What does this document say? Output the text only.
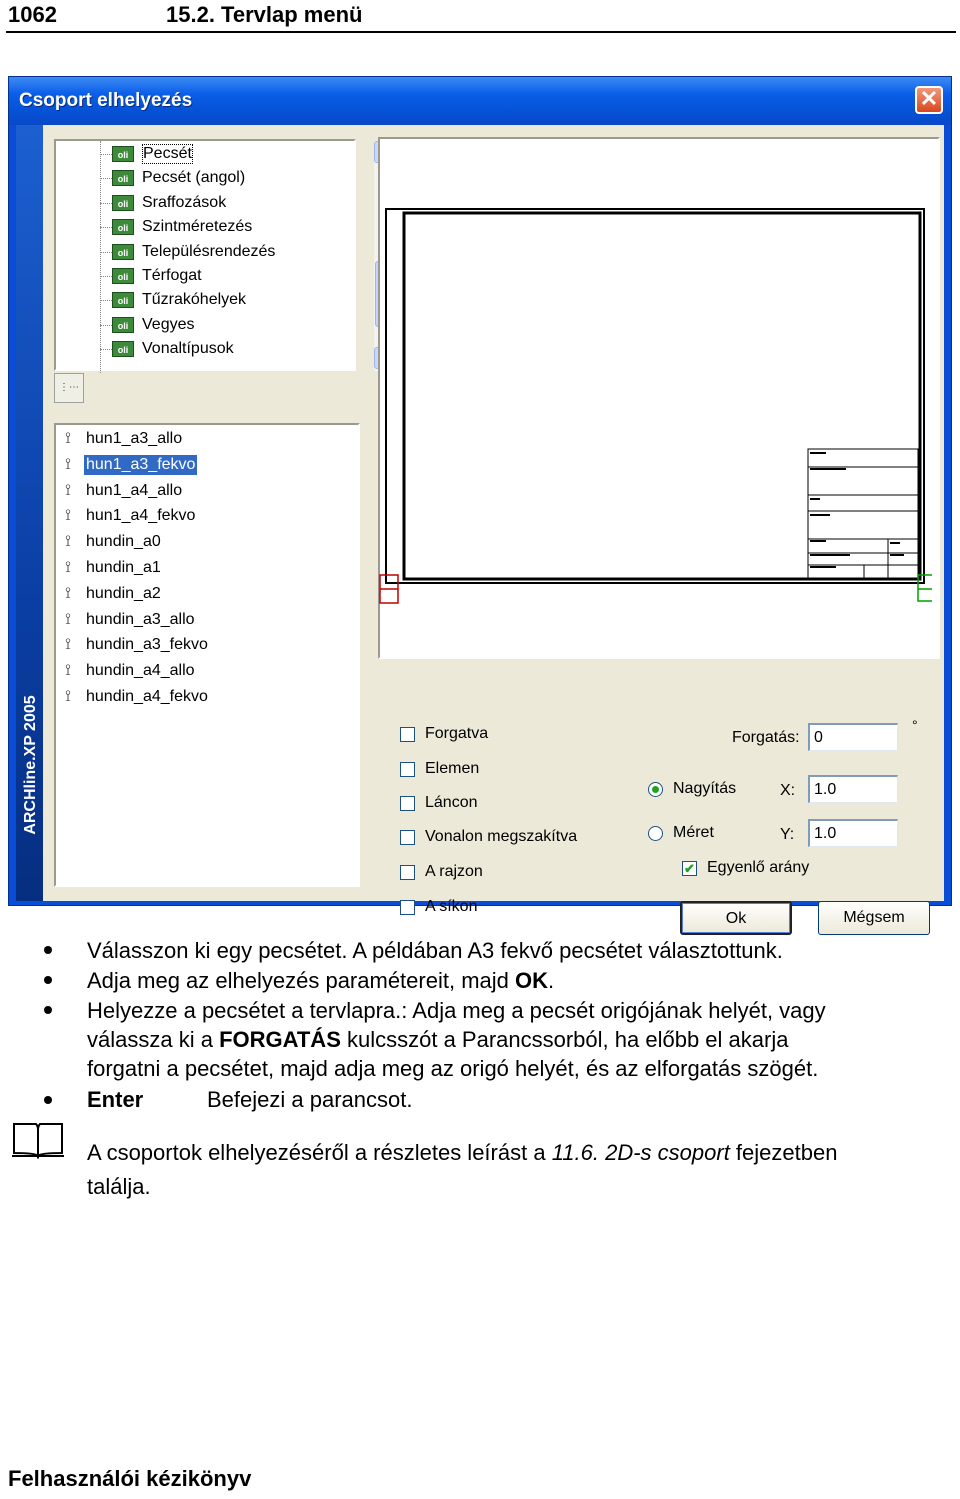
1062	15.2. Tervlap menü
Csoport elhelyezés	✕
ARCHline.XP 2005
oli Pecsét
oli Pecsét (angol)
oli Sraffozások
oli Szintméretezés
oli Településrendezés
oli Térfogat
oli Tűzrakóhelyek
oli Vegyes
oli Vonaltípusok
⋮⋯
⟟ hun1_a3_allo
⟟ hun1_a3_fekvo
⟟ hun1_a4_allo
⟟ hun1_a4_fekvo
⟟ hundin_a0
⟟ hundin_a1
⟟ hundin_a2
⟟ hundin_a3_allo
⟟ hundin_a3_fekvo
⟟ hundin_a4_allo
⟟ hundin_a4_fekvo
Forgatva
Elemen
Láncon
Vonalon megszakítva
A rajzon
A síkon
Forgatás:
0
°
Nagyítás
Méret
X:
1.0
Y:
1.0
✔ Egyenlő arány
Ok	Mégsem
Válasszon ki egy pecsétet. A példában A3 fekvő pecsétet választottunk.
Adja meg az elhelyezés paramétereit, majd OK.
Helyezze a pecsétet a tervlapra.: Adja meg a pecsét origójának helyét, vagy
válassza ki a FORGATÁS kulcsszót a Parancssorból, ha előbb el akarja
forgatni a pecsétet, majd adja meg az origó helyét, és az elforgatás szögét.
Enter	Befejezi a parancsot.
A csoportok elhelyezéséről a részletes leírást a 11.6. 2D-s csoport fejezetben
találja.
Felhasználói kézikönyv
